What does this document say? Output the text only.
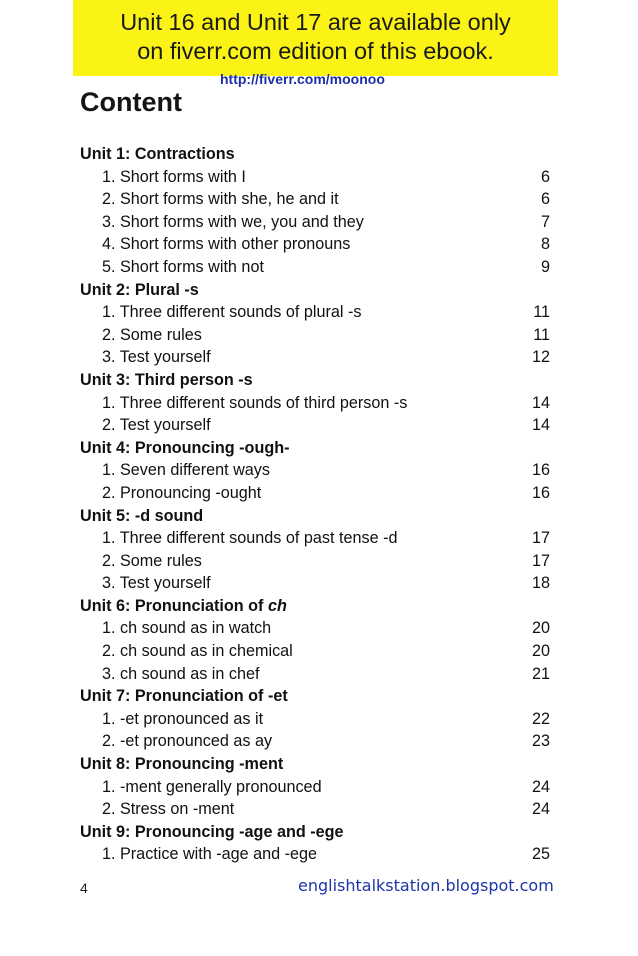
Unit 16 and Unit 17 are available only
on fiverr.com edition of this ebook.
http://fiverr.com/moonoo
Content
Unit 1: Contractions
1. Short forms with I	6
2. Short forms with she, he and it	6
3. Short forms with we, you and they	7
4. Short forms with other pronouns	8
5. Short forms with not	9
Unit 2: Plural -s
1. Three different sounds of plural -s	11
2. Some rules	11
3. Test yourself	12
Unit 3: Third person -s
1. Three different sounds of third person -s	14
2. Test yourself	14
Unit 4: Pronouncing -ough-
1. Seven different ways	16
2. Pronouncing -ought	16
Unit 5: -d sound
1. Three different sounds of past tense -d	17
2. Some rules	17
3. Test yourself	18
Unit 6: Pronunciation of ch
1. ch sound as in watch	20
2. ch sound as in chemical	20
3. ch sound as in chef	21
Unit 7: Pronunciation of -et
1. -et pronounced as it	22
2. -et pronounced as ay	23
Unit 8: Pronouncing -ment
1. -ment generally pronounced	24
2. Stress on -ment	24
Unit 9: Pronouncing -age and -ege
1. Practice with -age and -ege	25
4	englishtalkstation.blogspot.com
